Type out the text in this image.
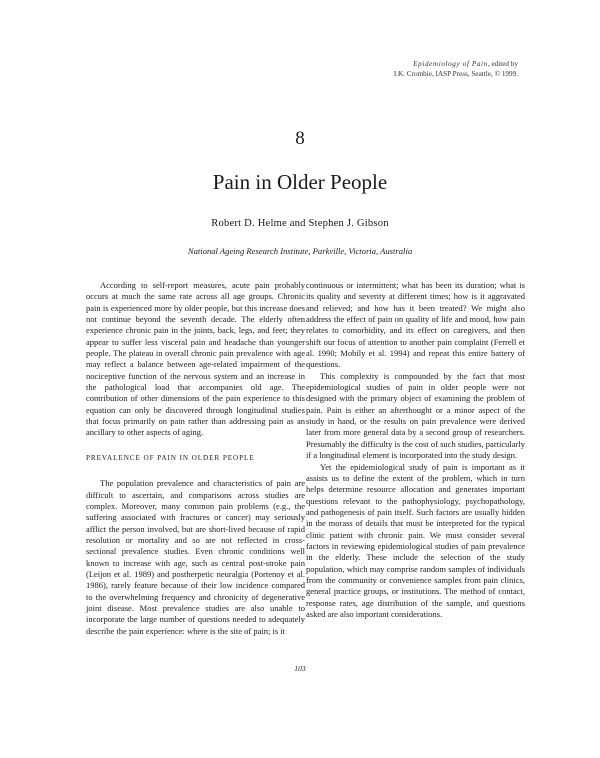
Epidemiology of Pain, edited by
I.K. Crombie, IASP Press, Seattle, © 1999.
8
Pain in Older People
Robert D. Helme and Stephen J. Gibson
National Ageing Research Institute, Parkville, Victoria, Australia

According to self-report measures, acute pain probably occurs at much the same rate across all age groups. Chronic pain is experienced more by older people, but this increase does not continue beyond the seventh decade. The elderly often experience chronic pain in the joints, back, legs, and feet; they appear to suffer less visceral pain and headache than younger people. The plateau in overall chronic pain prevalence with age may reflect a balance between age-related impairment of the nociceptive function of the nervous system and an increase in the pathological load that accompanies old age. The contribution of other dimensions of the pain experience to this equation can only be discovered through longitudinal studies that focus primarily on pain rather than addressing pain as an ancillary to other aspects of aging.

PREVALENCE OF PAIN IN OLDER PEOPLE

The population prevalence and characteristics of pain are difficult to ascertain, and comparisons across studies are complex. Moreover, many common pain problems (e.g., the suffering associated with fractures or cancer) may seriously afflict the person involved, but are short-lived because of rapid resolution or mortality and so are not reflected in cross-sectional prevalence studies. Even chronic conditions well known to increase with age, such as central post-stroke pain (Leijon et al. 1989) and postherpetic neuralgia (Portenoy et al. 1986), rarely feature because of their low incidence compared to the overwhelming frequency and chronicity of degenerative joint disease. Most prevalence studies are also unable to incorporate the large number of questions needed to adequately describe the pain experience: where is the site of pain; is it

continuous or intermittent; what has been its duration; what is its quality and severity at different times; how is it aggravated and relieved; and how has it been treated? We might also address the effect of pain on quality of life and mood, how pain relates to comorbidity, and its effect on caregivers, and then shift our focus of attention to another pain complaint (Ferrell et al. 1990; Mobily et al. 1994) and repeat this entire battery of questions.

This complexity is compounded by the fact that most epidemiological studies of pain in older people were not designed with the primary object of examining the problem of pain. Pain is either an afterthought or a minor aspect of the study in hand, or the results on pain prevalence were derived later from more general data by a second group of researchers. Presumably the difficulty is the cost of such studies, particularly if a longitudinal element is incorporated into the study design.

Yet the epidemiological study of pain is important as it assists us to define the extent of the problem, which in turn helps determine resource allocation and generates important questions relevant to the pathophysiology, psychopathology, and pathogenesis of pain itself. Such factors are usually hidden in the morass of details that must be interpreted for the typical clinic patient with chronic pain. We must consider several factors in reviewing epidemiological studies of pain prevalence in the elderly. These include the selection of the study population, which may comprise random samples of individuals from the community or convenience samples from pain clinics, general practice groups, or institutions. The method of contact, response rates, age distribution of the sample, and questions asked are also important considerations.

103
